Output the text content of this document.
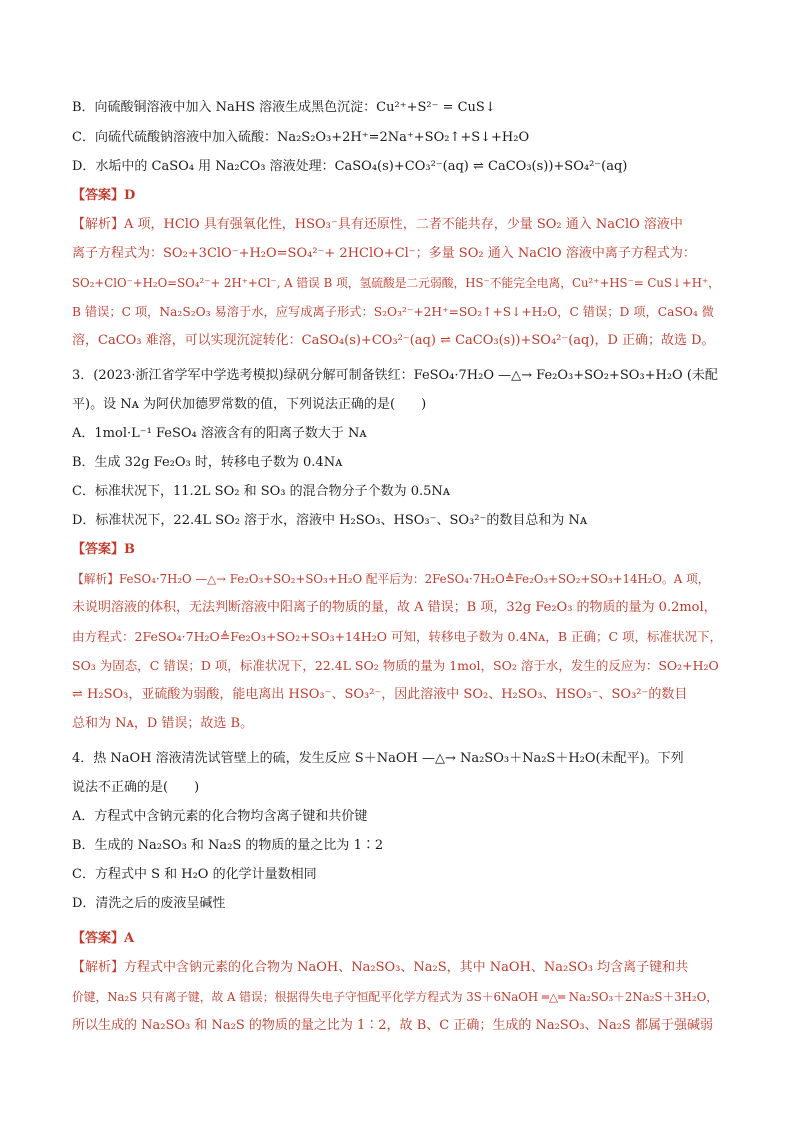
B．向硫酸铜溶液中加入 NaHS 溶液生成黑色沉淀：Cu²⁺+S²⁻ = CuS↓
C．向硫代硫酸钠溶液中加入硫酸：Na₂S₂O₃+2H⁺=2Na⁺+SO₂↑+S↓+H₂O
D．水垢中的 CaSO₄ 用 Na₂CO₃ 溶液处理：CaSO₄(s)+CO₃²⁻(aq) ⇌ CaCO₃(s))+SO₄²⁻(aq)
【答案】D
【解析】A 项，HClO 具有强氧化性，HSO₃⁻具有还原性，二者不能共存，少量 SO₂ 通入 NaClO 溶液中
离子方程式为：SO₂+3ClO⁻+H₂O=SO₄²⁻+ 2HClO+Cl⁻；多量 SO₂ 通入 NaClO 溶液中离子方程式为：
SO₂+ClO⁻+H₂O=SO₄²⁻+ 2H⁺+Cl⁻, A 错误 B 项，氢硫酸是二元弱酸，HS⁻不能完全电离，Cu²⁺+HS⁻= CuS↓+H⁺，
B 错误；C 项，Na₂S₂O₃ 易溶于水，应写成离子形式：S₂O₃²⁻+2H⁺=SO₂↑+S↓+H₂O，C 错误；D 项，CaSO₄ 微
溶，CaCO₃ 难溶，可以实现沉淀转化：CaSO₄(s)+CO₃²⁻(aq) ⇌ CaCO₃(s))+SO₄²⁻(aq)，D 正确；故选 D。
3．(2023·浙江省学军中学选考模拟)绿矾分解可制备铁红：FeSO₄·7H₂O —△→ Fe₂O₃+SO₂+SO₃+H₂O (未配
平)。设 Nᴀ 为阿伏加德罗常数的值，下列说法正确的是(　　)
A．1mol·L⁻¹ FeSO₄ 溶液含有的阳离子数大于 Nᴀ
B．生成 32g Fe₂O₃ 时，转移电子数为 0.4Nᴀ
C．标准状况下，11.2L SO₂ 和 SO₃ 的混合物分子个数为 0.5Nᴀ
D．标准状况下，22.4L SO₂ 溶于水，溶液中 H₂SO₃、HSO₃⁻、SO₃²⁻的数目总和为 Nᴀ
【答案】B
【解析】FeSO₄·7H₂O —△→ Fe₂O₃+SO₂+SO₃+H₂O 配平后为：2FeSO₄·7H₂O≜Fe₂O₃+SO₂+SO₃+14H₂O。A 项，
未说明溶液的体积，无法判断溶液中阳离子的物质的量，故 A 错误；B 项，32g Fe₂O₃ 的物质的量为 0.2mol，
由方程式：2FeSO₄·7H₂O≜Fe₂O₃+SO₂+SO₃+14H₂O 可知，转移电子数为 0.4Nᴀ，B 正确；C 项，标准状况下，
SO₃ 为固态，C 错误；D 项，标准状况下，22.4L SO₂ 物质的量为 1mol，SO₂ 溶于水，发生的反应为：SO₂+H₂O
⇌ H₂SO₃，亚硫酸为弱酸，能电离出 HSO₃⁻、SO₃²⁻，因此溶液中 SO₂、H₂SO₃、HSO₃⁻、SO₃²⁻的数目
总和为 Nᴀ，D 错误；故选 B。
4．热 NaOH 溶液清洗试管壁上的硫，发生反应 S＋NaOH —△→ Na₂SO₃＋Na₂S＋H₂O(未配平)。下列
说法不正确的是(　　)
A．方程式中含钠元素的化合物均含离子键和共价键
B．生成的 Na₂SO₃ 和 Na₂S 的物质的量之比为 1∶2
C．方程式中 S 和 H₂O 的化学计量数相同
D．清洗之后的废液呈碱性
【答案】A
【解析】方程式中含钠元素的化合物为 NaOH、Na₂SO₃、Na₂S，其中 NaOH、Na₂SO₃ 均含离子键和共
价键，Na₂S 只有离子键，故 A 错误；根据得失电子守恒配平化学方程式为 3S＋6NaOH ═△═ Na₂SO₃＋2Na₂S＋3H₂O，
所以生成的 Na₂SO₃ 和 Na₂S 的物质的量之比为 1∶2，故 B、C 正确；生成的 Na₂SO₃、Na₂S 都属于强碱弱
